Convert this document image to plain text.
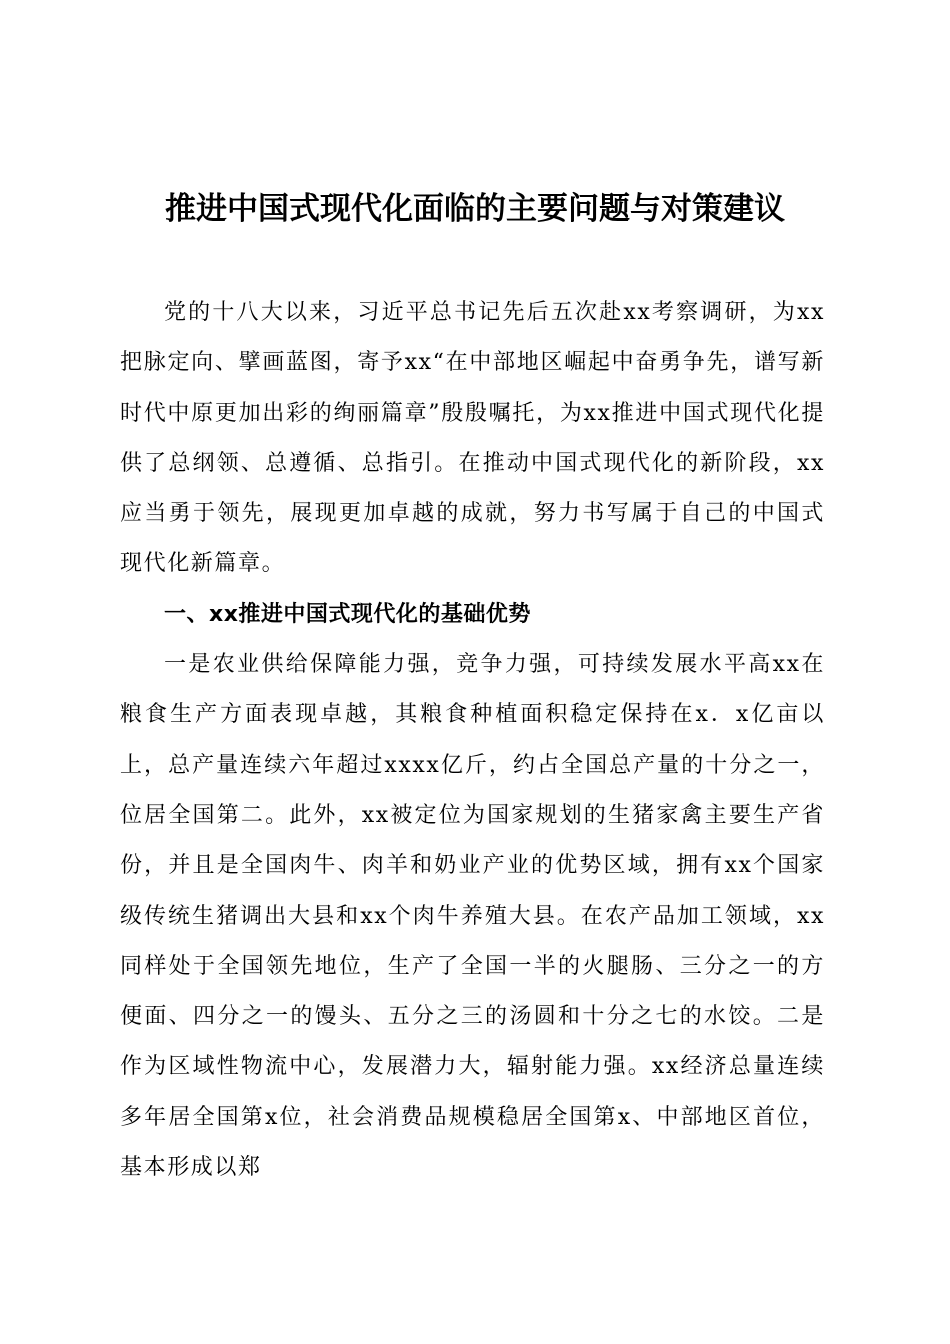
推进中国式现代化面临的主要问题与对策建议

党的十八大以来，习近平总书记先后五次赴xx考察调研，为xx把脉定向、擘画蓝图，寄予xx“在中部地区崛起中奋勇争先，谱写新时代中原更加出彩的绚丽篇章”殷殷嘱托，为xx推进中国式现代化提供了总纲领、总遵循、总指引。在推动中国式现代化的新阶段，xx应当勇于领先，展现更加卓越的成就，努力书写属于自己的中国式现代化新篇章。

一、xx推进中国式现代化的基础优势

一是农业供给保障能力强，竞争力强，可持续发展水平高xx在粮食生产方面表现卓越，其粮食种植面积稳定保持在x．x亿亩以上，总产量连续六年超过xxxx亿斤，约占全国总产量的十分之一，位居全国第二。此外，xx被定位为国家规划的生猪家禽主要生产省份，并且是全国肉牛、肉羊和奶业产业的优势区域，拥有xx个国家级传统生猪调出大县和xx个肉牛养殖大县。在农产品加工领域，xx同样处于全国领先地位，生产了全国一半的火腿肠、三分之一的方便面、四分之一的馒头、五分之三的汤圆和十分之七的水饺。二是作为区域性物流中心，发展潜力大，辐射能力强。xx经济总量连续多年居全国第x位，社会消费品规模稳居全国第x、中部地区首位，基本形成以郑
